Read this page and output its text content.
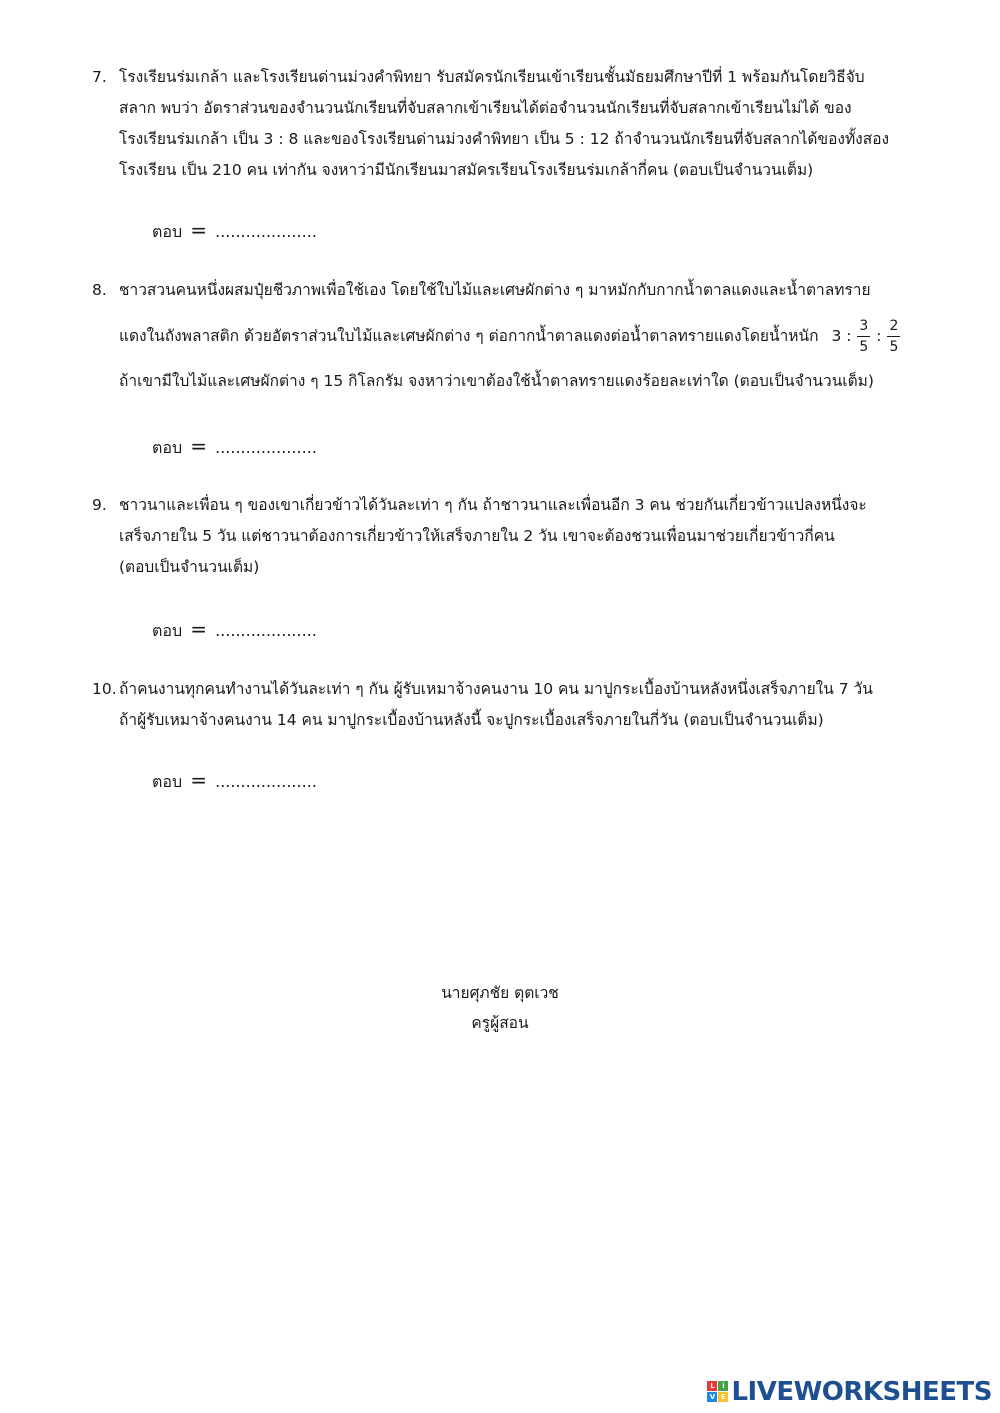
7. โรงเรียนร่มเกล้า และโรงเรียนด่านม่วงคำพิทยา รับสมัครนักเรียนเข้าเรียนชั้นมัธยมศึกษาปีที่ 1 พร้อมกันโดยวิธีจับ
สลาก พบว่า อัตราส่วนของจำนวนนักเรียนที่จับสลากเข้าเรียนได้ต่อจำนวนนักเรียนที่จับสลากเข้าเรียนไม่ได้ ของ
โรงเรียนร่มเกล้า เป็น 3 : 8 และของโรงเรียนด่านม่วงคำพิทยา เป็น 5 : 12 ถ้าจำนวนนักเรียนที่จับสลากได้ของทั้งสอง
โรงเรียน เป็น 210 คน เท่ากัน จงหาว่ามีนักเรียนมาสมัครเรียนโรงเรียนร่มเกล้ากี่คน (ตอบเป็นจำนวนเต็ม)
ตอบ = ....................
8. ชาวสวนคนหนึ่งผสมปุ๋ยชีวภาพเพื่อใช้เอง โดยใช้ใบไม้และเศษผักต่าง ๆ มาหมักกับกากน้ำตาลแดงและน้ำตาลทราย
แดงในถังพลาสติก ด้วยอัตราส่วนใบไม้และเศษผักต่าง ๆ ต่อกากน้ำตาลแดงต่อน้ำตาลทรายแดงโดยน้ำหนัก 3 : $\frac{3}{5}$ : $\frac{2}{5}$
ถ้าเขามีใบไม้และเศษผักต่าง ๆ 15 กิโลกรัม จงหาว่าเขาต้องใช้น้ำตาลทรายแดงร้อยละเท่าใด (ตอบเป็นจำนวนเต็ม)
ตอบ = ....................
9. ชาวนาและเพื่อน ๆ ของเขาเกี่ยวข้าวได้วันละเท่า ๆ กัน ถ้าชาวนาและเพื่อนอีก 3 คน ช่วยกันเกี่ยวข้าวแปลงหนึ่งจะ
เสร็จภายใน 5 วัน แต่ชาวนาต้องการเกี่ยวข้าวให้เสร็จภายใน 2 วัน เขาจะต้องชวนเพื่อนมาช่วยเกี่ยวข้าวกี่คน
(ตอบเป็นจำนวนเต็ม)
ตอบ = ....................
10. ถ้าคนงานทุกคนทำงานได้วันละเท่า ๆ กัน ผู้รับเหมาจ้างคนงาน 10 คน มาปูกระเบื้องบ้านหลังหนึ่งเสร็จภายใน 7 วัน
ถ้าผู้รับเหมาจ้างคนงาน 14 คน มาปูกระเบื้องบ้านหลังนี้ จะปูกระเบื้องเสร็จภายในกี่วัน (ตอบเป็นจำนวนเต็ม)
ตอบ = ....................
นายศุภชัย ตุตเวช
ครูผู้สอน
L	i
V E LIVEWORKSHEETS
